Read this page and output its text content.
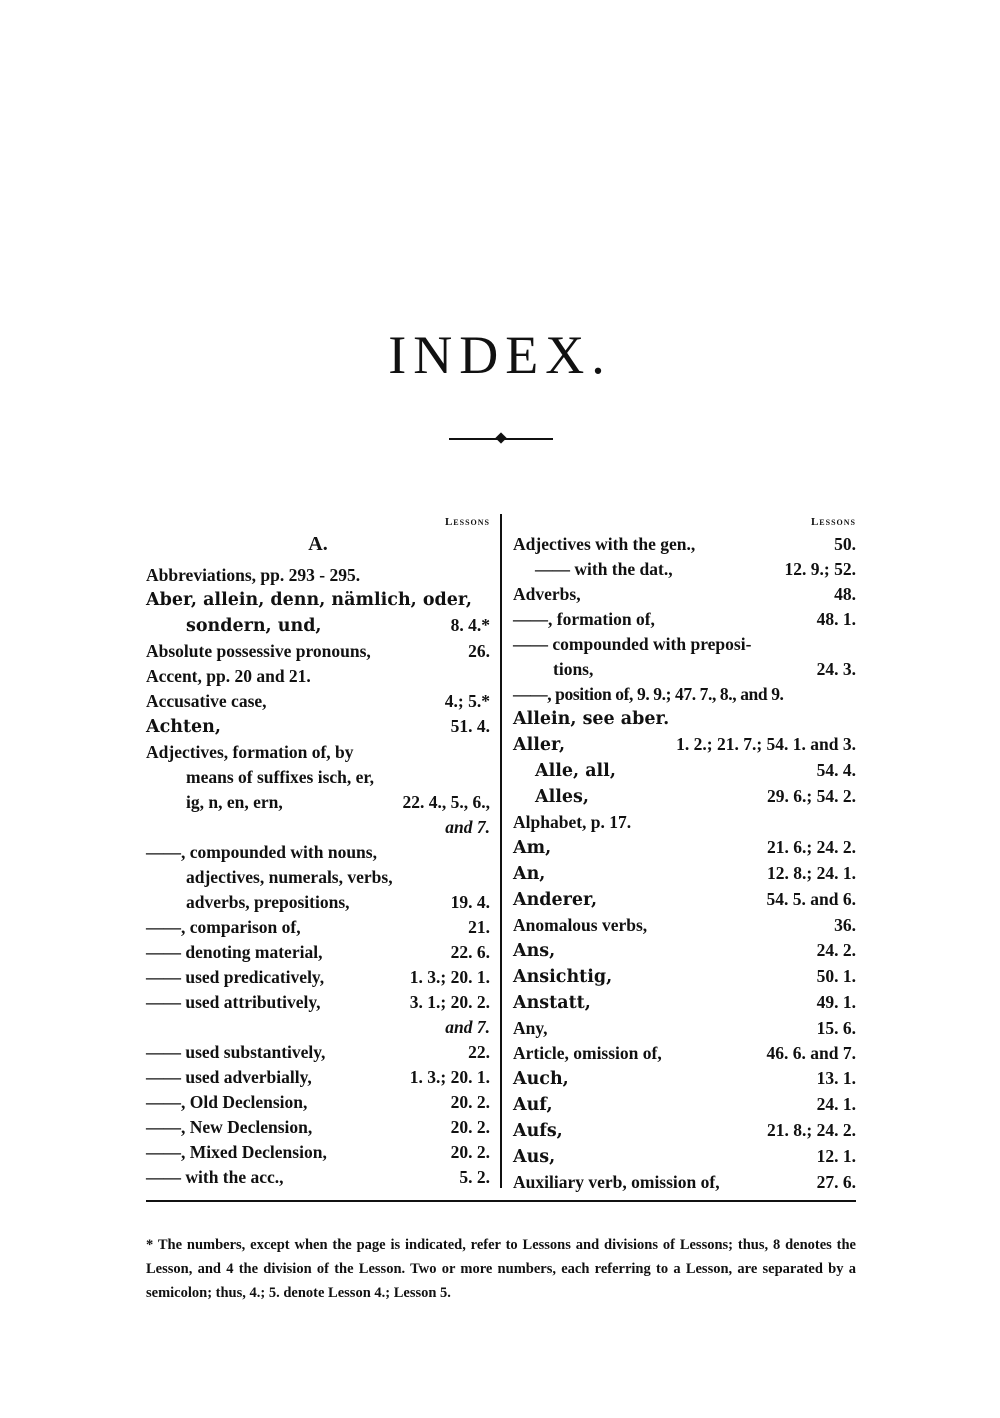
INDEX.
Lessons
A.
Abbreviations, pp. 293 - 295.
Aber, allein, denn, nämlich, oder,
sondern, und,	8. 4.*
Absolute possessive pronouns,	26.
Accent, pp. 20 and 21.
Accusative case,	4.; 5.*
Achten,	51. 4.
Adjectives, formation of, by
means of suffixes isch, er,
ig, n, en, ern,	22. 4., 5., 6.,
and 7.
——, compounded with nouns,
adjectives, numerals, verbs,
adverbs, prepositions,	19. 4.
——, comparison of,	21.
—— denoting material,	22. 6.
—— used predicatively,	1. 3.; 20. 1.
—— used attributively,	3. 1.; 20. 2.
and 7.
—— used substantively,	22.
—— used adverbially,	1. 3.; 20. 1.
——, Old Declension,	20. 2.
——, New Declension,	20. 2.
——, Mixed Declension,	20. 2.
—— with the acc.,	5. 2.
Lessons
Adjectives with the gen.,	50.
—— with the dat.,	12. 9.; 52.
Adverbs,	48.
——, formation of,	48. 1.
—— compounded with preposi-
tions,	24. 3.
——, position of, 9. 9.; 47. 7., 8., and 9.
Allein, see aber.
Aller,	1. 2.; 21. 7.; 54. 1. and 3.
Alle, all,	54. 4.
Alles,	29. 6.; 54. 2.
Alphabet, p. 17.
Am,	21. 6.; 24. 2.
An,	12. 8.; 24. 1.
Anderer,	54. 5. and 6.
Anomalous verbs,	36.
Ans,	24. 2.
Ansichtig,	50. 1.
Anstatt,	49. 1.
Any,	15. 6.
Article, omission of,	46. 6. and 7.
Auch,	13. 1.
Auf,	24. 1.
Aufs,	21. 8.; 24. 2.
Aus,	12. 1.
Auxiliary verb, omission of,	27. 6.

* The numbers, except when the page is indicated, refer to Lessons and divisions of Lessons; thus, 8 denotes the Lesson, and 4 the division of the Lesson. Two or more numbers, each referring to a Lesson, are separated by a semicolon; thus, 4.; 5. denote Lesson 4.; Lesson 5.
